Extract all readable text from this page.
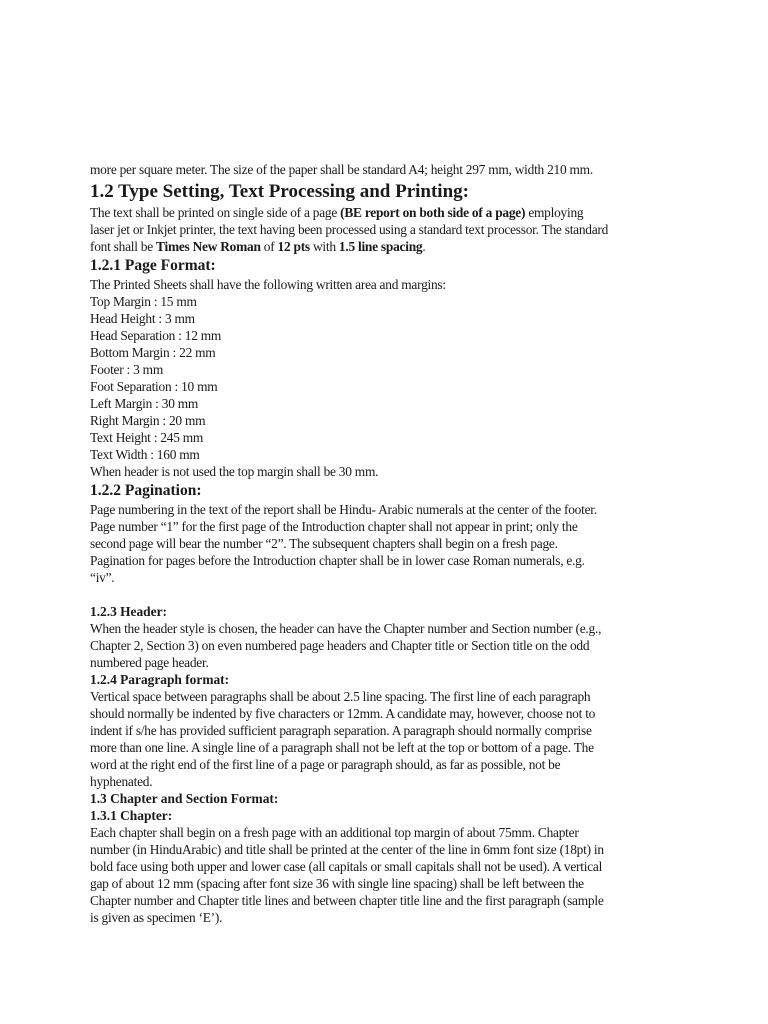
more per square meter. The size of the paper shall be standard A4; height 297 mm, width 210 mm.
1.2 Type Setting, Text Processing and Printing:
The text shall be printed on single side of a page (BE report on both side of a page) employing
laser jet or Inkjet printer, the text having been processed using a standard text processor. The standard
font shall be Times New Roman of 12 pts with 1.5 line spacing.
1.2.1 Page Format:
The Printed Sheets shall have the following written area and margins:
Top Margin : 15 mm
Head Height : 3 mm
Head Separation : 12 mm
Bottom Margin : 22 mm
Footer : 3 mm
Foot Separation : 10 mm
Left Margin : 30 mm
Right Margin : 20 mm
Text Height : 245 mm
Text Width : 160 mm
When header is not used the top margin shall be 30 mm.
1.2.2 Pagination:
Page numbering in the text of the report shall be Hindu- Arabic numerals at the center of the footer.
Page number “1” for the first page of the Introduction chapter shall not appear in print; only the
second page will bear the number “2”. The subsequent chapters shall begin on a fresh page.
Pagination for pages before the Introduction chapter shall be in lower case Roman numerals, e.g.
“iv”.
1.2.3 Header:
When the header style is chosen, the header can have the Chapter number and Section number (e.g.,
Chapter 2, Section 3) on even numbered page headers and Chapter title or Section title on the odd
numbered page header.
1.2.4 Paragraph format:
Vertical space between paragraphs shall be about 2.5 line spacing. The first line of each paragraph
should normally be indented by five characters or 12mm. A candidate may, however, choose not to
indent if s/he has provided sufficient paragraph separation. A paragraph should normally comprise
more than one line. A single line of a paragraph shall not be left at the top or bottom of a page. The
word at the right end of the first line of a page or paragraph should, as far as possible, not be
hyphenated.
1.3 Chapter and Section Format:
1.3.1 Chapter:
Each chapter shall begin on a fresh page with an additional top margin of about 75mm. Chapter
number (in HinduArabic) and title shall be printed at the center of the line in 6mm font size (18pt) in
bold face using both upper and lower case (all capitals or small capitals shall not be used). A vertical
gap of about 12 mm (spacing after font size 36 with single line spacing) shall be left between the
Chapter number and Chapter title lines and between chapter title line and the first paragraph (sample
is given as specimen ‘E’).
